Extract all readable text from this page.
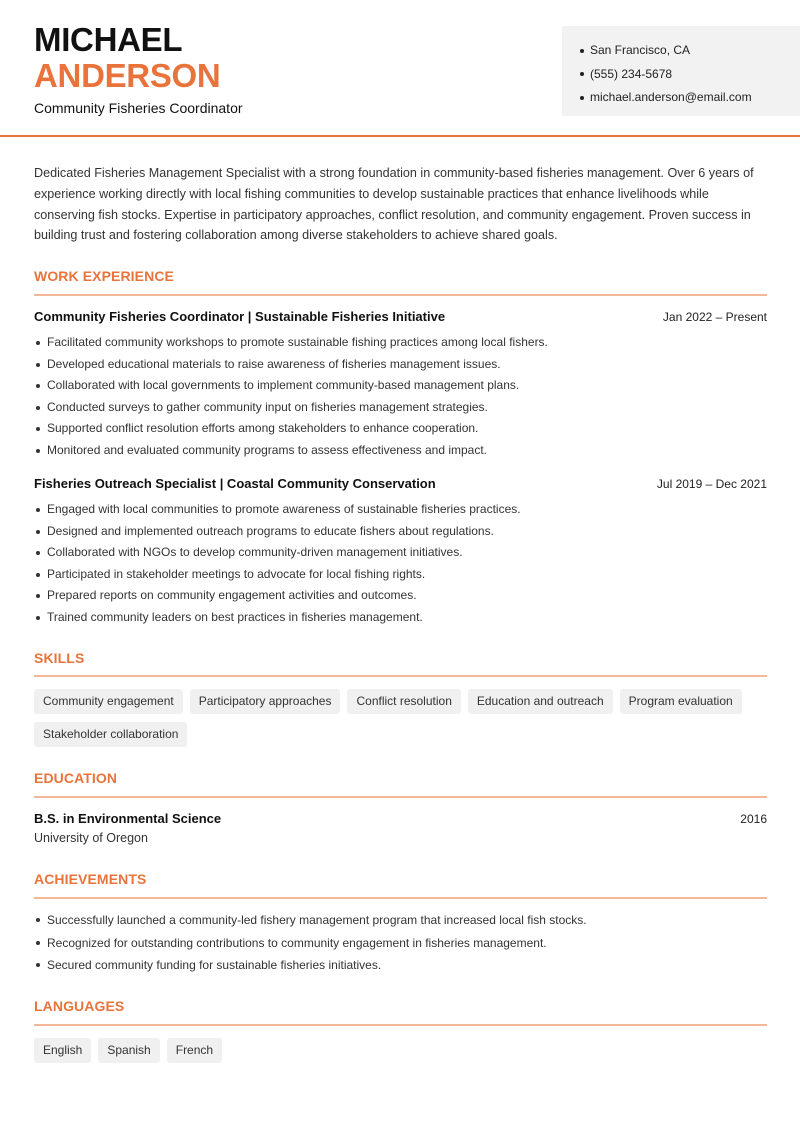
MICHAEL
ANDERSON
Community Fisheries Coordinator
San Francisco, CA
(555) 234-5678
michael.anderson@email.com
Dedicated Fisheries Management Specialist with a strong foundation in community-based fisheries management. Over 6 years of experience working directly with local fishing communities to develop sustainable practices that enhance livelihoods while conserving fish stocks. Expertise in participatory approaches, conflict resolution, and community engagement. Proven success in building trust and fostering collaboration among diverse stakeholders to achieve shared goals.
WORK EXPERIENCE
Community Fisheries Coordinator | Sustainable Fisheries Initiative	Jan 2022 – Present
Facilitated community workshops to promote sustainable fishing practices among local fishers.
Developed educational materials to raise awareness of fisheries management issues.
Collaborated with local governments to implement community-based management plans.
Conducted surveys to gather community input on fisheries management strategies.
Supported conflict resolution efforts among stakeholders to enhance cooperation.
Monitored and evaluated community programs to assess effectiveness and impact.
Fisheries Outreach Specialist | Coastal Community Conservation	Jul 2019 – Dec 2021
Engaged with local communities to promote awareness of sustainable fisheries practices.
Designed and implemented outreach programs to educate fishers about regulations.
Collaborated with NGOs to develop community-driven management initiatives.
Participated in stakeholder meetings to advocate for local fishing rights.
Prepared reports on community engagement activities and outcomes.
Trained community leaders on best practices in fisheries management.
SKILLS
Community engagement	Participatory approaches	Conflict resolution	Education and outreach	Program evaluation
Stakeholder collaboration
EDUCATION
B.S. in Environmental Science	2016
University of Oregon
ACHIEVEMENTS
Successfully launched a community-led fishery management program that increased local fish stocks.
Recognized for outstanding contributions to community engagement in fisheries management.
Secured community funding for sustainable fisheries initiatives.
LANGUAGES
English	Spanish	French
